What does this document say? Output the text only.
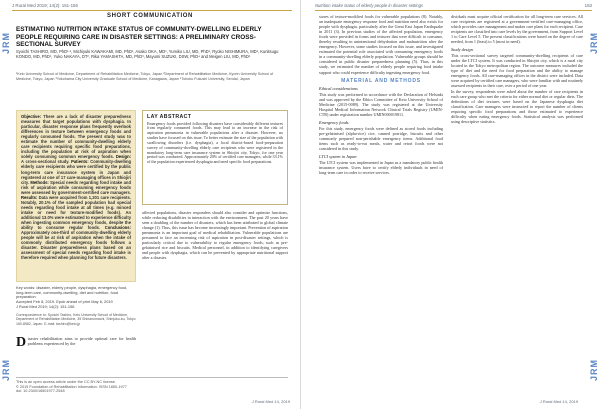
J Rural Med 2019; 14(2): 151-156
JRM
JRM
SHORT COMMUNICATION
ESTIMATING NUTRITION INTAKE STATUS OF COMMUNITY-DWELLING ELDERLY PEOPLE REQUIRING CARE IN DISASTER SETTINGS: A PRELIMINARY CROSS-SECTIONAL SURVEY
Syoichi TASHIRO, MD, PhD¹·², Michiyuki KAWAKAMI, MD, PhD¹, Asako OKA, MD¹, Yumiko LIU, MD, PhD¹, Ryoko NISHIMURA, MD¹, Kunitsugu KONDO, MD, PhD¹, Yuko NAKAYA, DT², Rika YAMASHITA, MD, PhD³, Mayumi SUZUKI, DSW, PhD⁴ and Meigen LIU, MD, PhD¹
¹Keio University School of Medicine, Department of Rehabilitation Medicine, Tokyo, Japan ²Department of Rehabilitation Medicine, Kyorin University School of Medicine, Tokyo, Japan ³Yokohama City University Graduate School of Medicine, Kanagawa, Japan ⁴Tohoku Fukushi University, Sendai, Japan

Objective: There are a lack of disaster preparedness measures that target populations with dysphagia. In particular, disaster response plans frequently overlook differences in texture between emergency foods and regularly consumed foods. The present study was to estimate the number of community-dwelling elderly care recipients requiring specific food preparations, including the population at risk of aspiration when solely consuming common emergency foods. Design: A cross-sectional study. Patients: Community-dwelling elderly care recipients who were certified by the public long-term care insurance system in Japan and registered at one of 17 care-managing offices in Shiojiri city. Methods: Special needs regarding food intake and risk of aspiration while consuming emergency foods were assessed by government-certified care managers. Results: Data were acquired from 1,201 care recipients. Notably, 20.1% of the sampled population had special needs regarding food intake at all times (e.g. minced intake or need for texture-modified foods). An additional 13.0% were estimated to experience difficulty when ingesting common emergency foods, despite the ability to consume regular foods. Conclusions: Approximately one-third of community-dwelling elderly people will be at risk of aspiration when the intake of commonly distributed emergency foods follows a disaster. Disaster preparedness plans based on an assessment of special needs regarding food intake is therefore required when planning for future disasters.

Key words: disaster, elderly people, dysphagia, emergency food, long-term care, community-dwelling, diet and nutrition, food preparation
Accepted Feb 8, 2019. Epub ahead of print May 6, 2019
J Rural Med 2019; 14(2): 151-156
Correspondence to: Syoichi Tashiro, Keio University School of Medicine, Department of Rehabilitation Medicine, 35 Shinanomachi, Shinjuku-ku, Tokyo 160-8582, Japan. E-mail: tashiro@keio.jp
LAY ABSTRACT

Emergency foods provided following disasters have considerably different textures from regularly consumed foods. This may lead to an increase in the risk of aspiration pneumonia in vulnerable populations after a disaster. However, no studies have focused on this issue. To better estimate the size of the population with swallowing disorders (i.e. dysphagia), a local district-based food-preparation survey of community-dwelling elderly care recipients who were registered in the mandatory long-term care insurance system in Shiojiri city, Tokyo, for one year period was conducted. Approximately 20% of certified care managers, while 33.1% of the population experienced dysphagia and need specific food preparations.

affected populations, disaster responders should also consider and optimise functions, while reducing disabilities in interaction with the environment. The past 20 years have seen a doubling of the number of disasters, which has been attributed to global climate change (1). Thus, this issue has become increasingly important. Prevention of aspiration pneumonia is an important goal of medical rehabilitation. Vulnerable populations are presumed to face an increasing risk of aspiration in post-disaster settings, which is particularly critical due to vulnerability to regular emergency foods, such as pre-gelatinised rice and biscuits. Medical personnel, in addition to identifying caregivers and people with dysphagia, which can be prevented by appropriate nutritional support after a disaster.
Disaster rehabilitation aims to provide optimal care for health problems experienced by the
This is an open access article under the CC BY-NC license.
© 2019 Foundation of Rehabilitation Information. ISSN 1650-1977
doi: 10.2340/16501977-2548
J Rural Med 14, 2019
Nutrition intake status of elderly people in disaster settings	153
JRM
JRM

stores of texture-modified foods for vulnerable populations (8). Notably, an inadequate emergency response food and nutrition need also exists for people with dysphagia, particularly after the Great East Japan Earthquake in 2011 (3). In previous studies of the affected population, emergency foods were provided in forms and textures that were difficult to consume, thereby resulting in unintentional dehydration and malnutrition after the emergency. However, some studies focused on this issue, and investigated estimated the potential role associated with consuming emergency foods in a community-dwelling elderly population. Vulnerable groups should be considered in public disaster preparedness planning (5). Thus, in this study, we estimated the number of elderly people requiring food intake support who could experience difficulty ingesting emergency food.

MATERIAL AND METHODS
Ethical considerations

This study was performed in accordance with the Declaration of Helsinki and was approved by the Ethics Committee of Keio University School of Medicine (2015-0089). The study was registered at the University Hospital Medical Information Network Clinical Trials Registry (UMIN-CTR) under registration number UMIN000019811.

Emergency foods

For this study, emergency foods were defined as stored foods including pre-gelatinised (alpha-rice) rice, canned porridge, biscuits and other commonly prepared non-perishable emergency items. Additional food items such as ready-to-eat meals, water and retort foods were not considered in this study.

LTCI system in Japan

The LTCI system was implemented in Japan as a mandatory public health insurance system. Users have to certify elderly individuals in need of long-term care in order to receive services.

dividuals must acquire official certification for all long-term care services. All care recipients are registered at a government-certified care-managing office, which provides care management and makes care plans for each recipient. Care recipients are classified into care levels by the government, from Support Level 1 to Care Level 5. The present classifications were based on the degree of care needed, from 1 (least) to 5 (most in need).

Study design

This cross-sectional survey targeted community-dwelling recipients of care under the LTCI system. It was conducted in Shiojiri city, which is a rural city located in the Tokyo metropolitan region. The outcome measures included the type of diet and the need for food preparation and the ability to manage emergency foods. All care-managing offices in the district were included. Data were acquired by certified care managers, who were familiar with and routinely assessed recipients in their care, over a period of one year.

In the survey, respondents were asked about the number of care recipients in each care group who met the criteria for either normal diet or regular diets. The definitions of diet textures were based on the Japanese dysphagia diet classification. Care managers were instructed to report the number of clients requiring specific food preparations and those estimated to experience difficulty when eating emergency foods. Statistical analysis was performed using descriptive statistics.

J Rural Med 14, 2019
